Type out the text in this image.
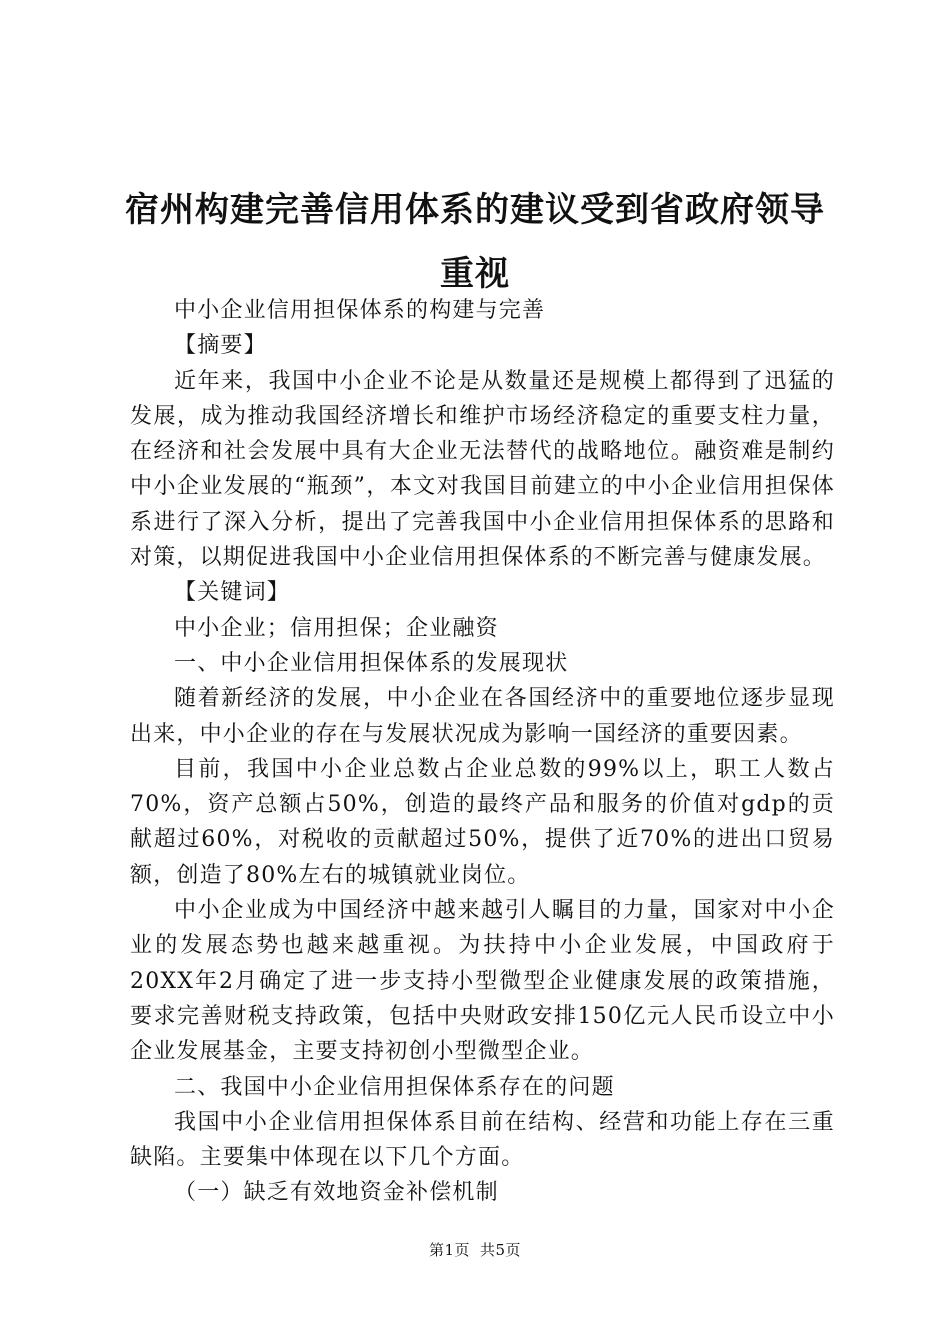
宿州构建完善信用体系的建议受到省政府领导重视

中小企业信用担保体系的构建与完善

【摘要】

近年来，我国中小企业不论是从数量还是规模上都得到了迅猛的发展，成为推动我国经济增长和维护市场经济稳定的重要支柱力量，在经济和社会发展中具有大企业无法替代的战略地位。融资难是制约中小企业发展的“瓶颈”，本文对我国目前建立的中小企业信用担保体系进行了深入分析，提出了完善我国中小企业信用担保体系的思路和对策，以期促进我国中小企业信用担保体系的不断完善与健康发展。

【关键词】

中小企业；信用担保；企业融资

一、中小企业信用担保体系的发展现状

随着新经济的发展，中小企业在各国经济中的重要地位逐步显现出来，中小企业的存在与发展状况成为影响一国经济的重要因素。

目前，我国中小企业总数占企业总数的99%以上，职工人数占70%，资产总额占50%，创造的最终产品和服务的价值对gdp的贡献超过60%，对税收的贡献超过50%，提供了近70%的进出口贸易额，创造了80%左右的城镇就业岗位。

中小企业成为中国经济中越来越引人瞩目的力量，国家对中小企业的发展态势也越来越重视。为扶持中小企业发展，中国政府于20XX年2月确定了进一步支持小型微型企业健康发展的政策措施，要求完善财税支持政策，包括中央财政安排150亿元人民币设立中小企业发展基金，主要支持初创小型微型企业。

二、我国中小企业信用担保体系存在的问题

我国中小企业信用担保体系目前在结构、经营和功能上存在三重缺陷。主要集中体现在以下几个方面。

（一）缺乏有效地资金补偿机制

第1页 共5页
